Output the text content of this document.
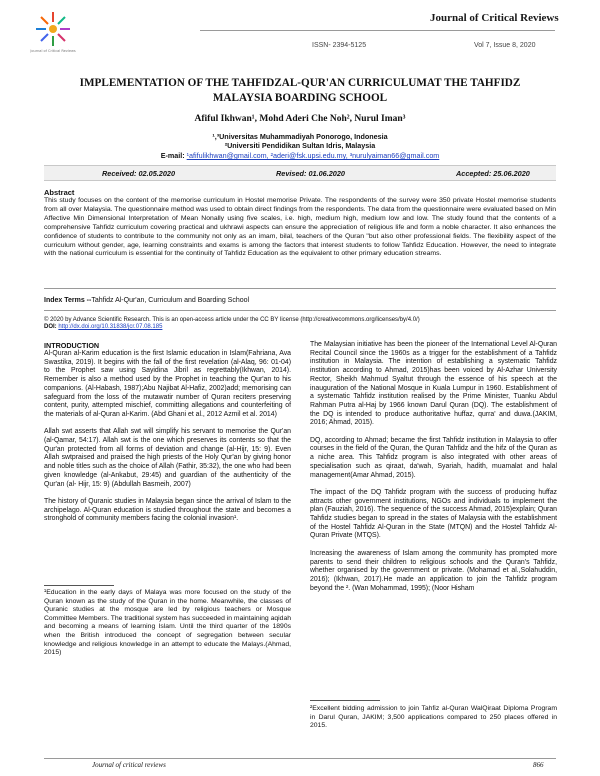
Journal of Critical Reviews
Journal of Critical Reviews
ISSN- 2394-5125	Vol 7, Issue 8, 2020
IMPLEMENTATION OF THE TAHFIDZAL-QUR'AN CURRICULUMAT THE TAHFIDZ MALAYSIA BOARDING SCHOOL
Afiful Ikhwan¹, Mohd Aderi Che Noh², Nurul Iman³
¹,³Universitas Muhammadiyah Ponorogo, Indonesia
²Universiti Pendidikan Sultan Idris, Malaysia
E-mail: ¹afifulikhwan@gmail.com, ²aderi@fsk.upsi.edu.my, ³nurulyaiman66@gmail.com
Received: 02.05.2020	Revised: 01.06.2020	Accepted: 25.06.2020
Abstract
This study focuses on the content of the memorise curriculum in Hostel memorise Private. The respondents of the survey were 350 private Hostel memorise students from all over Malaysia. The questionnaire method was used to obtain direct findings from the respondents. The data from the questionnaire were evaluated based on Min Affective Min Dimensional Interpretation of Mean Nonally using five scales, i.e. high, medium high, medium low and low. The study found that the contents of a comprehensive Tahfidz curriculum covering practical and ukhrawi aspects can ensure the appreciation of religious life and form a noble character. It also enhances the confidence of students to contribute to the community not only as an imam, bilal, teachers of the Quran "but also other professional fields. The flexibility aspect of the curriculum without gender, age, learning constraints and exams is among the factors that interest students to follow Tahfidz Education. However, the need to integrate with the national curriculum is essential for the continuity of Tahfidz Education as the equivalent to other primary education streams.
Index Terms --Tahfidz Al-Qur'an, Curriculum and Boarding School
© 2020 by Advance Scientific Research. This is an open-access article under the CC BY license (http://creativecommons.org/licenses/by/4.0/)
DOI: http://dx.doi.org/10.31838/jcr.07.08.185
INTRODUCTION

Al-Quran al-Karim education is the first Islamic education in Islam(Fahriana, Ava Swastika, 2019). It begins with the fall of the first revelation (al-Alaq, 96: 01-04) to the Prophet saw using Sayidina Jibril as regrettably(Ikhwan, 2014). Remember is also a method used by the Prophet in teaching the Qur'an to his companions. (Al-Habash, 1987);Abu Najibat Al-Hafiz, 2002)add; memorising can safeguard from the loss of the mutawatir number of Quran reciters preserving content, purity, attempted mischief, committing allegations and counterfeiting of the materials of al-Quran al-Karim. (Abd Ghani et al., 2012 Azmil et al. 2014)

Allah swt asserts that Allah swt will simplify his servant to memorise the Qur'an (al-Qamar, 54:17). Allah swt is the one which preserves its contents so that the Qur'an protected from all forms of deviation and change (al-Hijr, 15: 9). Even Allah swtpraised and praised the high priests of the Holy Qur'an by giving honor and noble titles such as the choice of Allah (Fathir, 35:32), the one who had been given knowledge (al-Ankabut, 29:45) and guardian of the authenticity of the Qur'an (al- Hijr, 15: 9) (Abdullah Basmeih, 2007)

The history of Quranic studies in Malaysia began since the arrival of Islam to the archipelago. Al-Quran education is studied throughout the state and becomes a stronghold of community members facing the colonial invasion¹.

The Malaysian initiative has been the pioneer of the International Level Al-Quran Recital Council since the 1960s as a trigger for the establishment of a Tahfidz institution in Malaysia. The intention of establishing a systematic Tahfidz institution according to Ahmad, 2015)has been voiced by Al-Azhar University Rector, Sheikh Mahmud Syaltut through the essence of his speech at the inauguration of the National Mosque in Kuala Lumpur in 1960. Establishment of a systematic Tahfidz institution realised by the Prime Minister, Tuanku Abdul Rahman Putra al-Haj by 1966 known Darul Quran (DQ). The establishment of the DQ is intended to produce authoritative huffaz, qurra' and duwa.(JAKIM, 2016; Ahmad, 2015).

DQ, according to Ahmad; became the first Tahfidz institution in Malaysia to offer courses in the field of the Quran, the Quran Tahfidz and the hifz of the Quran as a niche area. This Tahfidz program is also integrated with other areas of specialisation such as qiraat, da'wah, Syariah, hadith, muamalat and halal management(Amar Ahmad, 2015).

The impact of the DQ Tahfidz program with the success of producing huffaz attracts other government institutions, NGOs and individuals to implement the plan (Fauziah, 2016). The sequence of the success Ahmad, 2015)explain; Quran Tahfidz studies began to spread in the states of Malaysia with the establishment of the Hostel Tahfidz Al-Quran in the State (MTQN) and the Hostel Tahfidz Al-Quran Private (MTQS).

Increasing the awareness of Islam among the community has prompted more parents to send their children to religious schools and the Quran's Tahfidz, whether organised by the government or private. (Mohamad et al.,Solahuddin, 2016); (Ikhwan, 2017).He made an application to join the Tahfidz program beyond the ². (Wan Mohammad, 1995); (Noor Hisham

¹Education in the early days of Malaya was more focused on the study of the Quran known as the study of the Quran in the home. Meanwhile, the classes of Quranic studies at the mosque are led by religious teachers or Mosque Committee Members. The traditional system has succeeded in maintaining aqidah and becoming a means of learning Islam. Until the third quarter of the 1890s when the British introduced the concept of segregation between secular knowledge and religious knowledge in an attempt to educate the Malays.(Ahmad, 2015)
²Excellent bidding admission to join Tahfiz al-Quran WalQiraat Diploma Program in Darul Quran, JAKIM; 3,500 applications compared to 250 places offered in 2015.
Journal of critical reviews	866
